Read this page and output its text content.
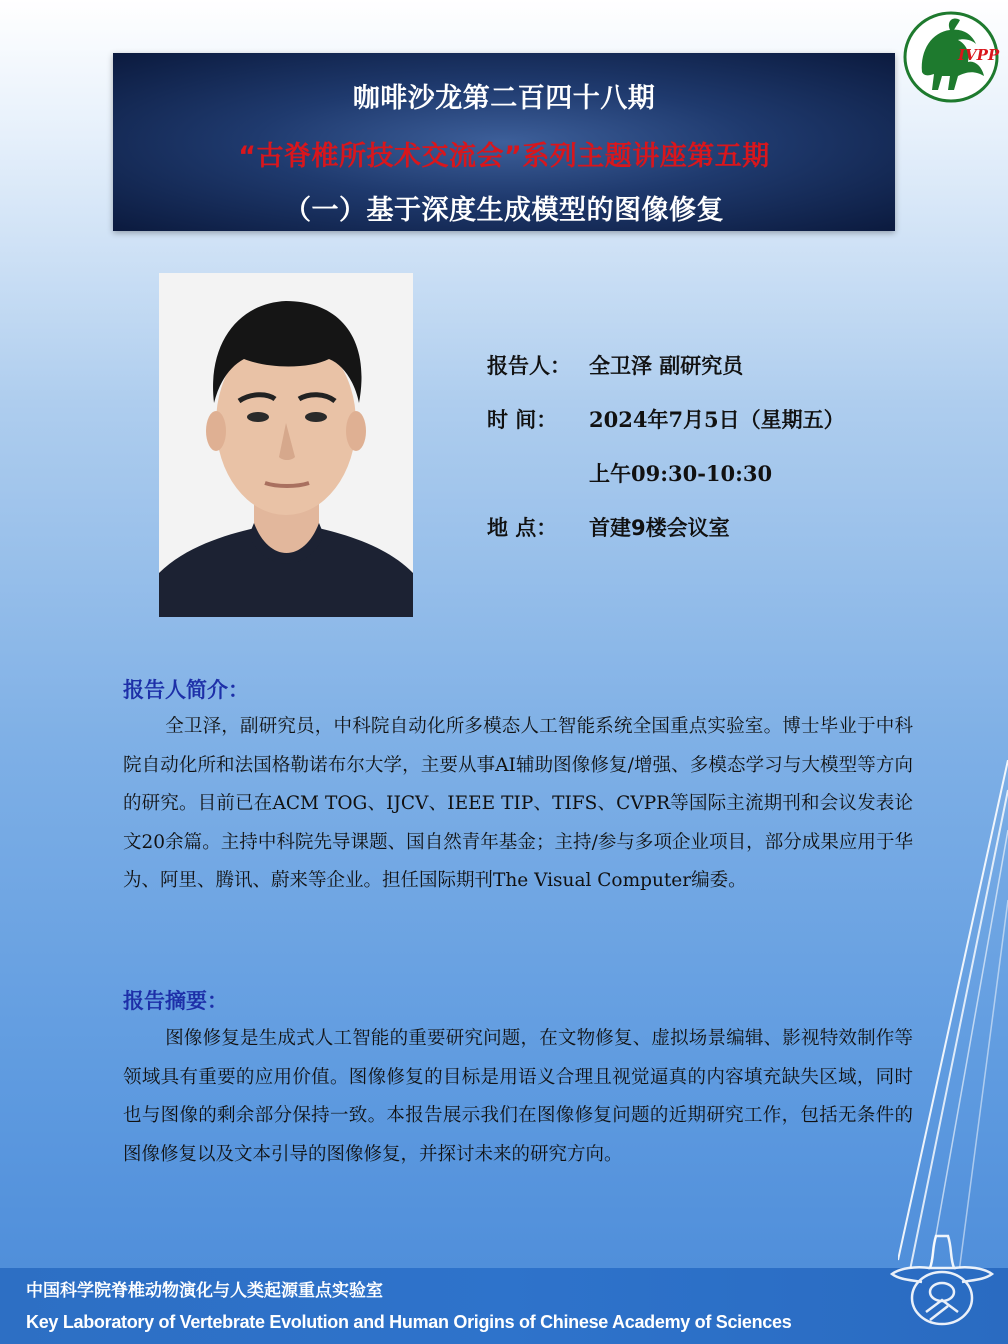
IVPP
咖啡沙龙第二百四十八期
“古脊椎所技术交流会”系列主题讲座第五期
（一）基于深度生成模型的图像修复
报告人： 全卫泽 副研究员
时 间： 2024年7月5日（星期五）
上午09:30-10:30
地 点： 首建9楼会议室
报告人简介：
全卫泽，副研究员，中科院自动化所多模态人工智能系统全国重点实验室。博士毕业于中科院自动化所和法国格勒诺布尔大学，主要从事AI辅助图像修复/增强、多模态学习与大模型等方向的研究。目前已在ACM TOG、IJCV、IEEE TIP、TIFS、CVPR等国际主流期刊和会议发表论文20余篇。主持中科院先导课题、国自然青年基金；主持/参与多项企业项目，部分成果应用于华为、阿里、腾讯、蔚来等企业。担任国际期刊The Visual Computer编委。
报告摘要：
图像修复是生成式人工智能的重要研究问题，在文物修复、虚拟场景编辑、影视特效制作等领域具有重要的应用价值。图像修复的目标是用语义合理且视觉逼真的内容填充缺失区域，同时也与图像的剩余部分保持一致。本报告展示我们在图像修复问题的近期研究工作，包括无条件的图像修复以及文本引导的图像修复，并探讨未来的研究方向。
中国科学院脊椎动物演化与人类起源重点实验室
Key Laboratory of Vertebrate Evolution and Human Origins of Chinese Academy of Sciences
